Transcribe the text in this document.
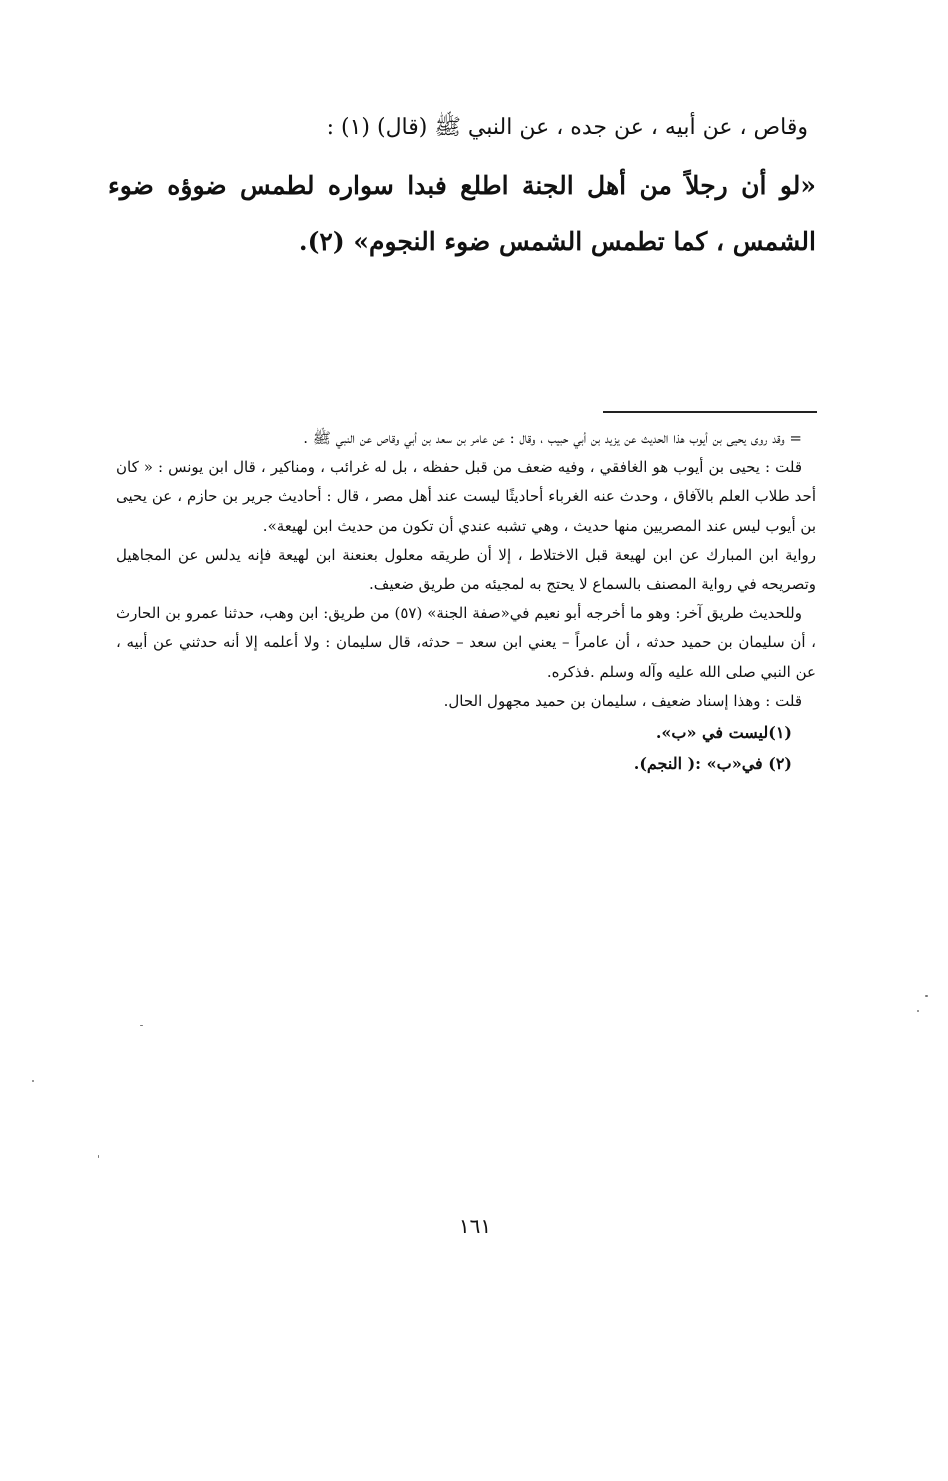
وقاص ، عن أبيه ، عن جده ، عن النبي ﷺ (قال) (١) :
«لو أن رجلاً من أهل الجنة اطلع فبدا سواره لطمس ضوؤه ضوء الشمس ، كما تطمس الشمس ضوء النجوم» (٢).

= وقد روى يحيى بن أيوب هذا الحديث عن يزيد بن أبي حبيب ، وقال : عن عامر بن سعد بن أبي وقاص عن النبي ﷺ .

قلت : يحيى بن أيوب هو الغافقي ، وفيه ضعف من قبل حفظه ، بل له غرائب ، ومناكير ، قال ابن يونس : « كان أحد طلاب العلم بالآفاق ، وحدث عنه الغرباء أحاديثًا ليست عند أهل مصر ، قال : أحاديث جرير بن حازم ، عن يحيى بن أيوب ليس عند المصريين منها حديث ، وهي تشبه عندي أن تكون من حديث ابن لهيعة».

رواية ابن المبارك عن ابن لهيعة قبل الاختلاط ، إلا أن طريقه معلول بعنعنة ابن لهيعة فإنه يدلس عن المجاهيل وتصريحه في رواية المصنف بالسماع لا يحتج به لمجيئه من طريق ضعيف.

وللحديث طريق آخر: وهو ما أخرجه أبو نعيم في«صفة الجنة» (٥٧) من طريق: ابن وهب، حدثنا عمرو بن الحارث ، أن سليمان بن حميد حدثه ، أن عامراً – يعني ابن سعد – حدثه، قال سليمان : ولا أعلمه إلا أنه حدثني عن أبيه ، عن النبي صلى الله عليه وآله وسلم .فذكره.

قلت : وهذا إسناد ضعيف ، سليمان بن حميد مجهول الحال.

(١)ليست في «ب».

(٢) في«ب» :( النجم).

١٦١
